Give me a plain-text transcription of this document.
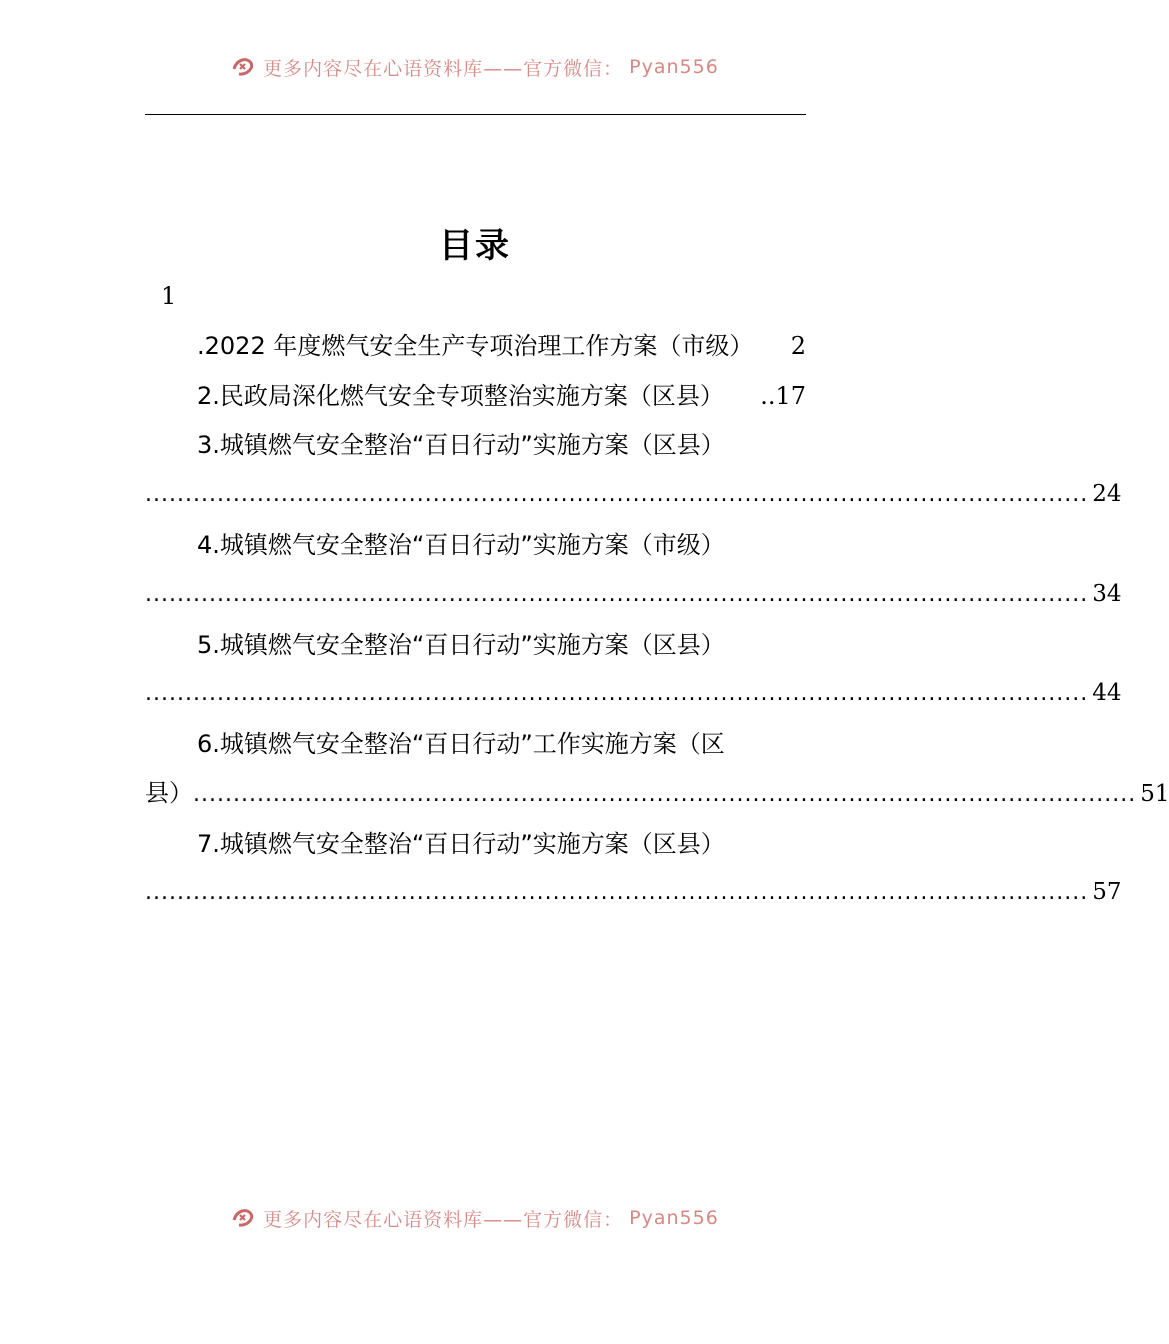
更多内容尽在心语资料库——官方微信： Pyan556
目录
1
.2022 年度燃气安全生产专项治理工作方案（市级） 2
2.民政局深化燃气安全专项整治实施方案（区县） ..17
3.城镇燃气安全整治“百日行动”实施方案（区县）
...................................................................................................................... 24
4.城镇燃气安全整治“百日行动”实施方案（市级）
...................................................................................................................... 34
5.城镇燃气安全整治“百日行动”实施方案（区县）
...................................................................................................................... 44
6.城镇燃气安全整治“百日行动”工作实施方案（区
县） ...................................................................................................................... 51
7.城镇燃气安全整治“百日行动”实施方案（区县）
...................................................................................................................... 57
更多内容尽在心语资料库——官方微信： Pyan556
